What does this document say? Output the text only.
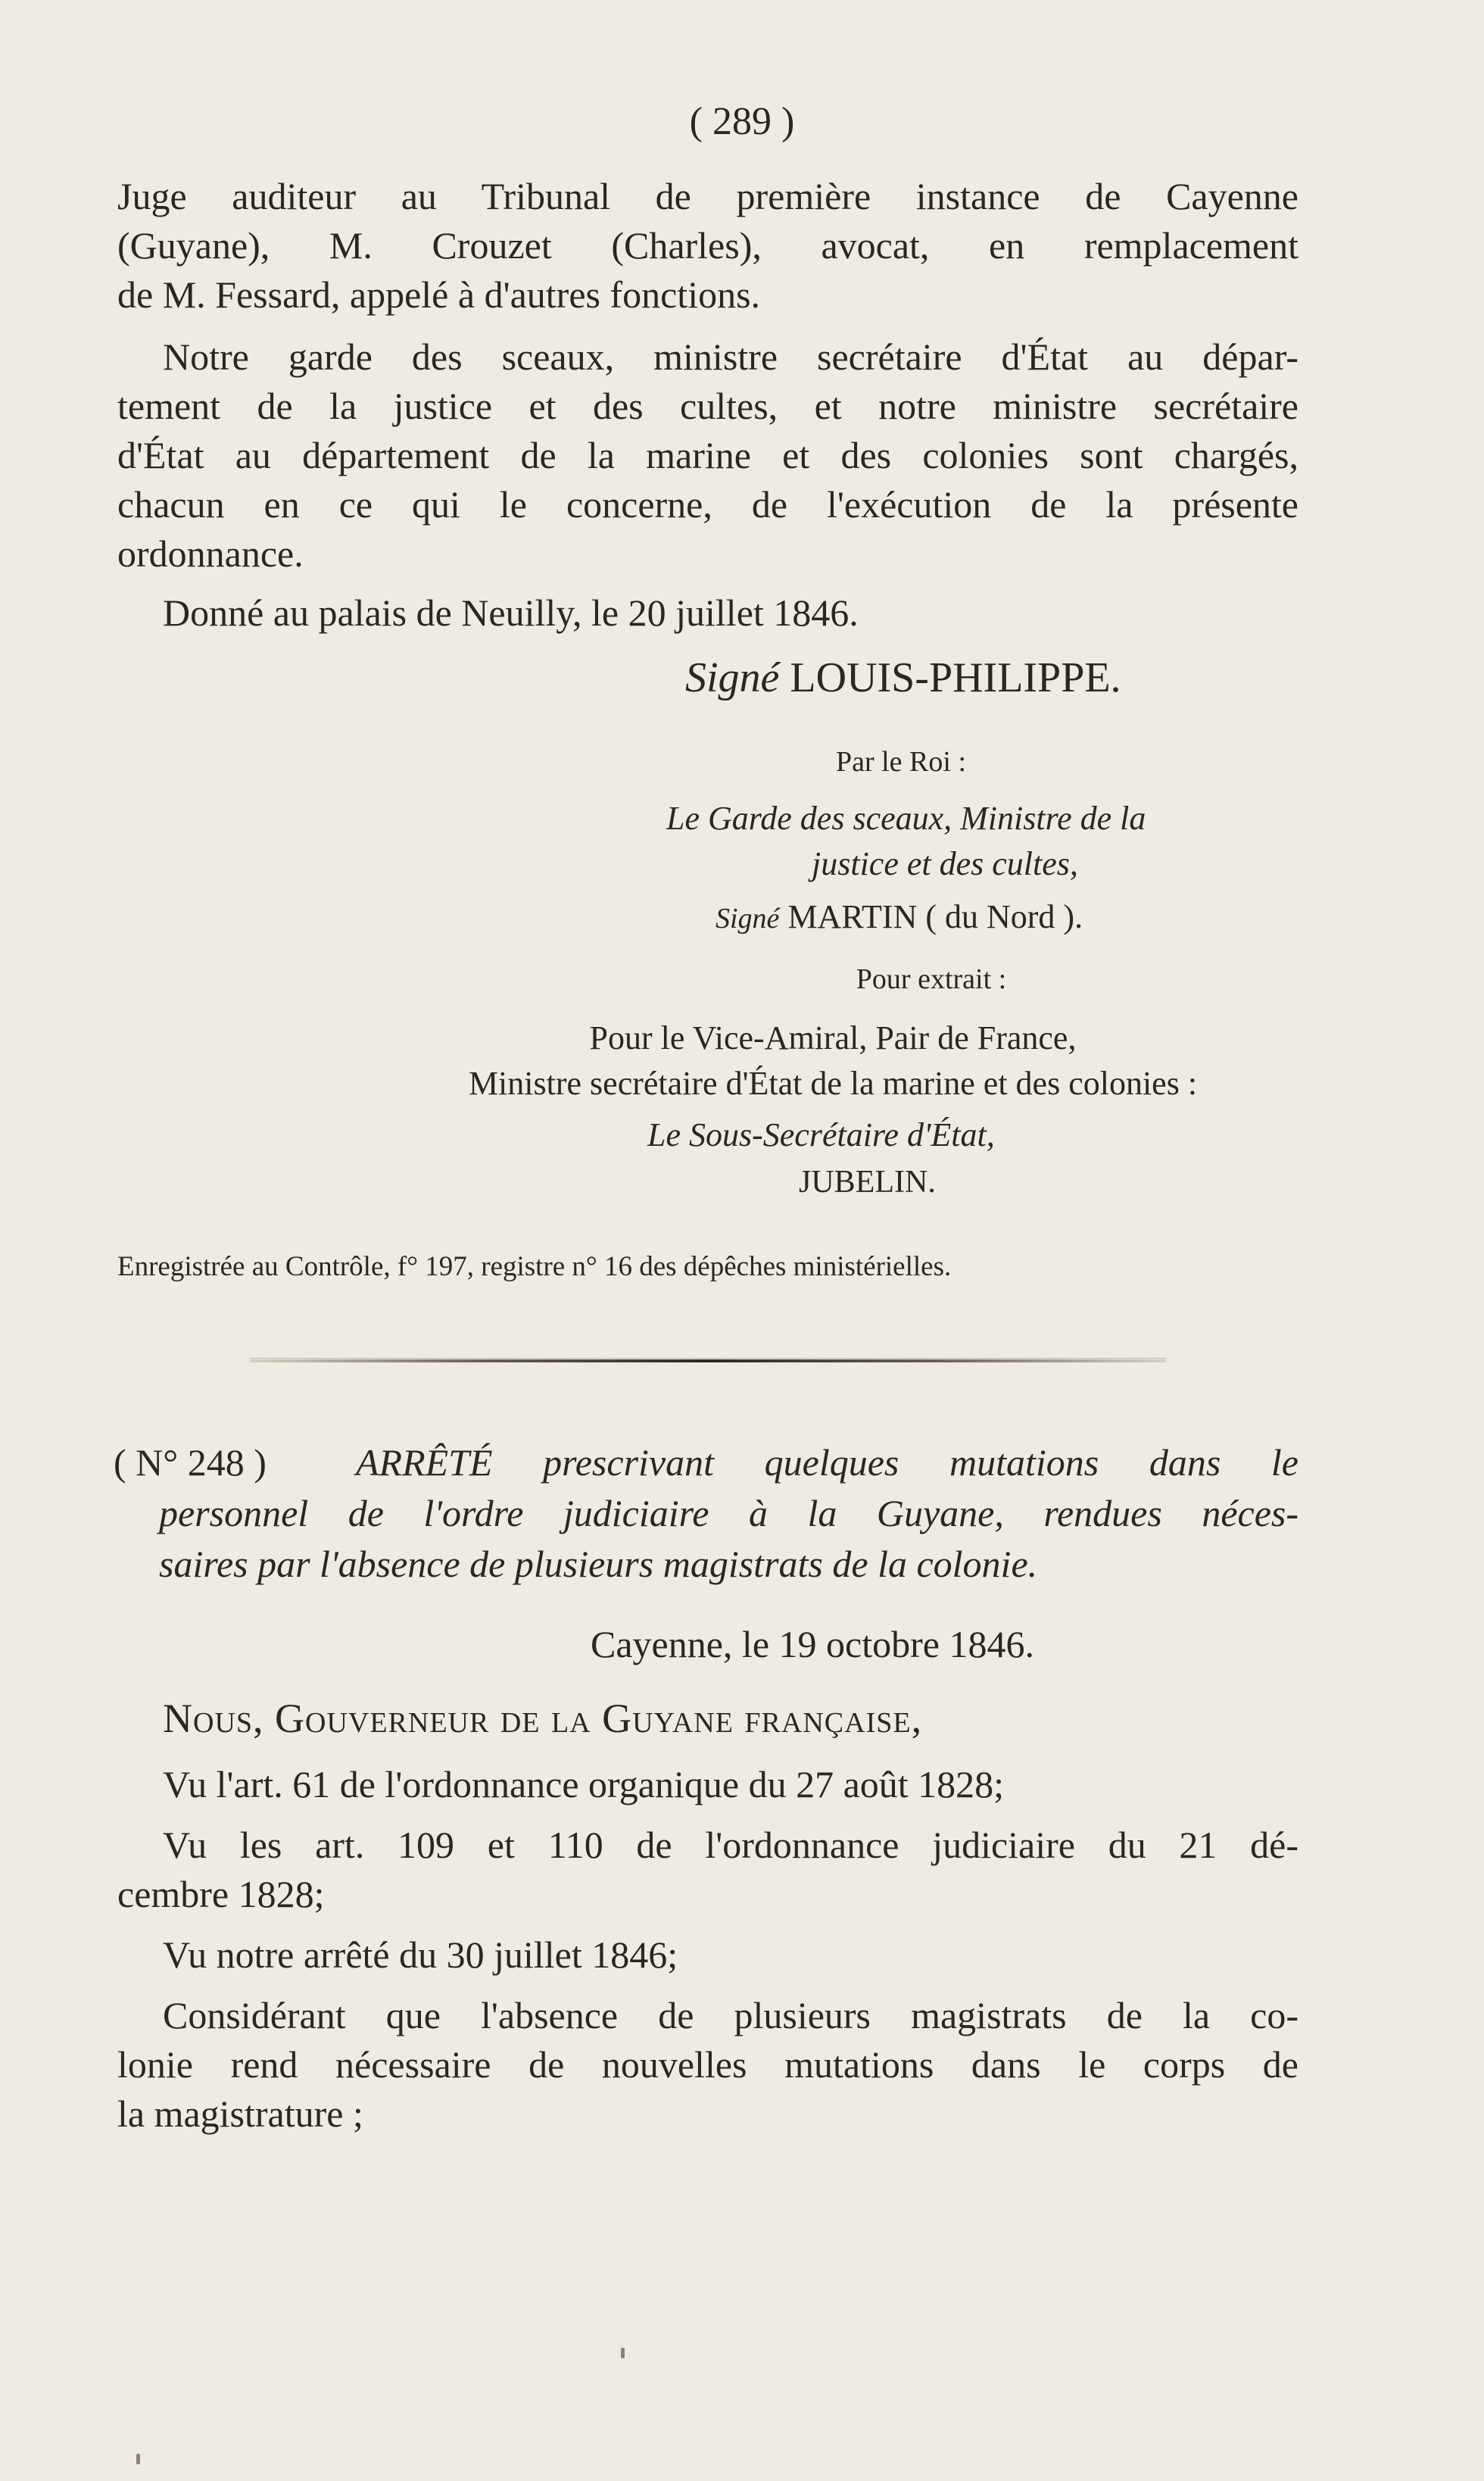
( 289 )
Juge auditeur au Tribunal de première instance de Cayenne
(Guyane), M. Crouzet (Charles), avocat, en remplacement
de M. Fessard, appelé à d'autres fonctions.
Notre garde des sceaux, ministre secrétaire d'État au dépar-
tement de la justice et des cultes, et notre ministre secrétaire
d'État au département de la marine et des colonies sont chargés,
chacun en ce qui le concerne, de l'exécution de la présente
ordonnance.
Donné au palais de Neuilly, le 20 juillet 1846.
Signé LOUIS-PHILIPPE.
Par le Roi :
Le Garde des sceaux, Ministre de la
justice et des cultes,
Signé MARTIN ( du Nord ).
Pour extrait :
Pour le Vice-Amiral, Pair de France,
Ministre secrétaire d'État de la marine et des colonies :
Le Sous-Secrétaire d'État,
JUBELIN.
Enregistrée au Contrôle, f° 197, registre n° 16 des dépêches ministérielles.
( N° 248 )	ARRÊTÉ prescrivant quelques mutations dans le
personnel de l'ordre judiciaire à la Guyane, rendues néces-
saires par l'absence de plusieurs magistrats de la colonie.
Cayenne, le 19 octobre 1846.
Nous, Gouverneur de la Guyane française,
Vu l'art. 61 de l'ordonnance organique du 27 août 1828;
Vu les art. 109 et 110 de l'ordonnance judiciaire du 21 dé-
cembre 1828;
Vu notre arrêté du 30 juillet 1846;
Considérant que l'absence de plusieurs magistrats de la co-
lonie rend nécessaire de nouvelles mutations dans le corps de
la magistrature ;
